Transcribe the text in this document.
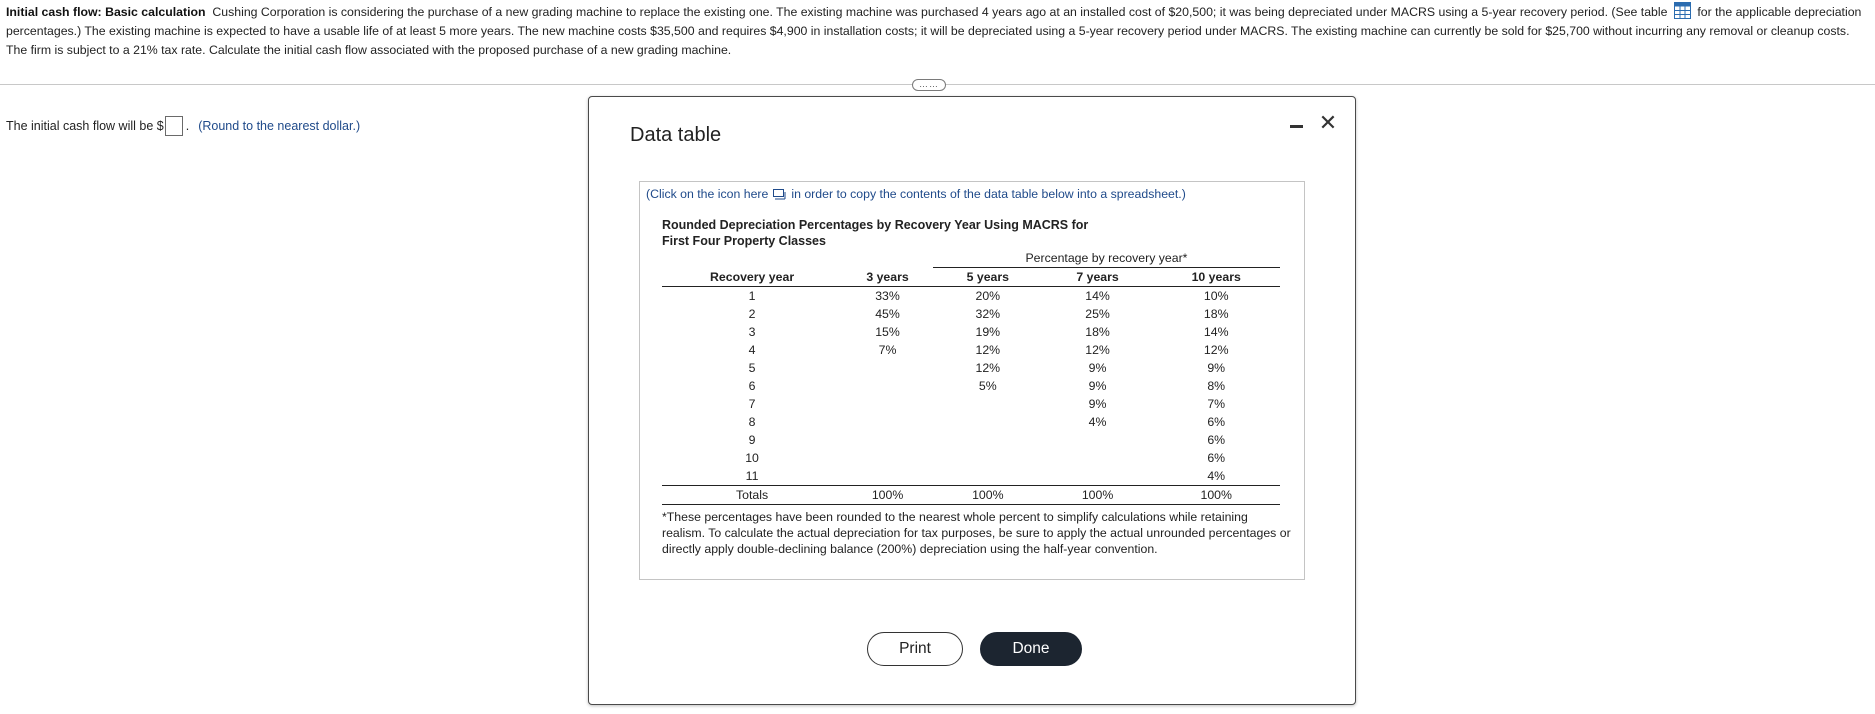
Initial cash flow: Basic calculation Cushing Corporation is considering the purchase of a new grading machine to replace the existing one. The existing machine was purchased 4 years ago at an installed cost of $20,500; it was being depreciated under MACRS using a 5-year recovery period. (See table for the applicable depreciation percentages.) The existing machine is expected to have a usable life of at least 5 more years. The new machine costs $35,500 and requires $4,900 in installation costs; it will be depreciated using a 5-year recovery period under MACRS. The existing machine can currently be sold for $25,700 without incurring any removal or cleanup costs. The firm is subject to a 21% tax rate. Calculate the initial cash flow associated with the proposed purchase of a new grading machine.
……
The initial cash flow will be $ . (Round to the nearest dollar.)	Data table	✕
(Click on the icon here in order to copy the contents of the data table below into a spreadsheet.)
Rounded Depreciation Percentages by Recovery Year Using MACRS for
First Four Property Classes
		Percentage by recovery year*		
Recovery year	3 years	5 years	7 years	10 years
1	33%	20%	14%	10%
2	45%	32%	25%	18%
3	15%	19%	18%	14%
4	7%	12%	12%	12%
5		12%	9%	9%
6		5%	9%	8%
7			9%	7%
8			4%	6%
9				6%
10				6%
11				4%
Totals	100%	100%	100%	100%
*These percentages have been rounded to the nearest whole percent to simplify calculations while retaining realism. To calculate the actual depreciation for tax purposes, be sure to apply the actual unrounded percentages or directly apply double-declining balance (200%) depreciation using the half-year convention.
Print	Done
